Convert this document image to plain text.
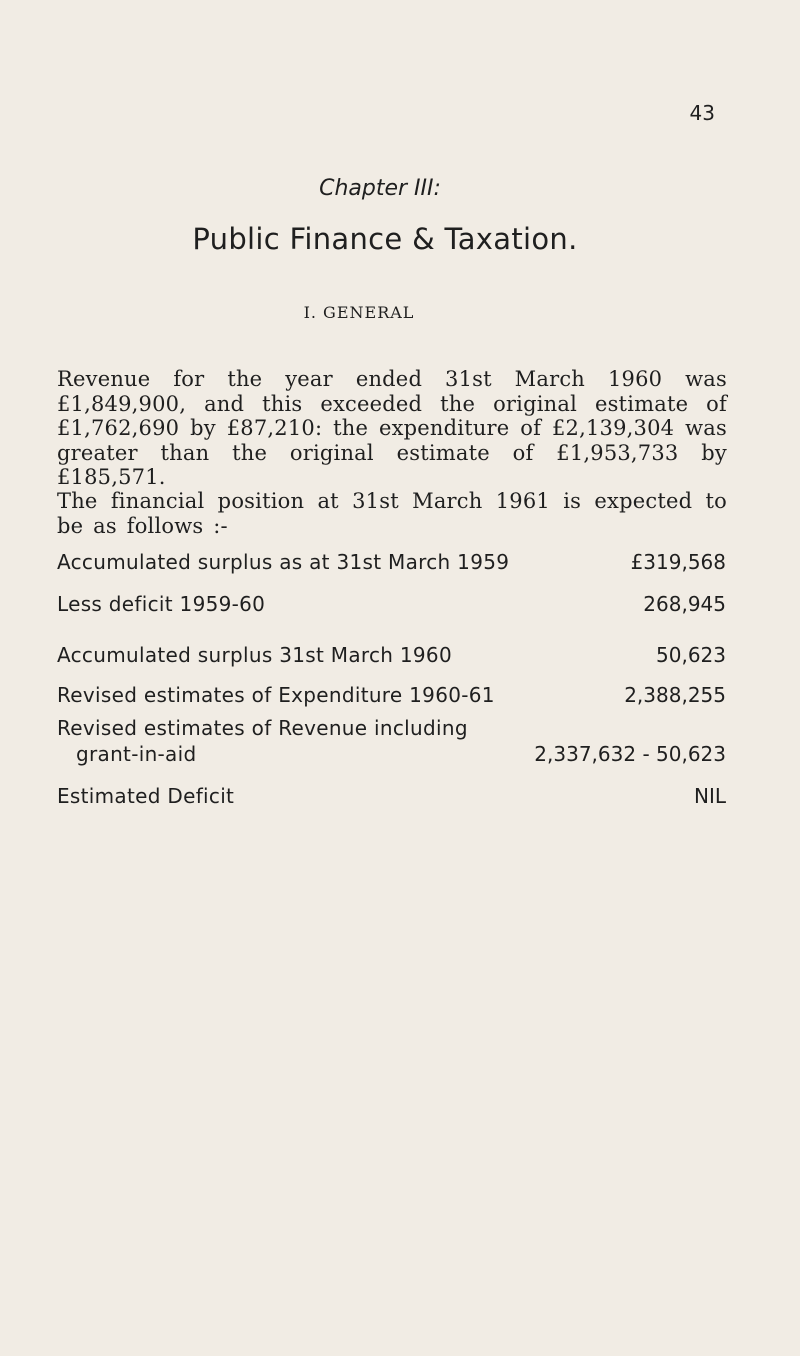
43
Chapter III:
Public Finance & Taxation.
I. GENERAL
Revenue for the year ended 31st March 1960 was £1,849,900, and this exceeded the original estimate of £1,762,690 by £87,210: the expenditure of £2,139,304 was greater than the original estimate of £1,953,733 by £185,571.
The financial position at 31st March 1961 is expected to be as follows :-
Accumulated surplus as at 31st March 1959	£319,568
Less deficit 1959-60	268,945
Accumulated surplus 31st March 1960	50,623
Revised estimates of Expenditure 1960-61	2,388,255
Revised estimates of Revenue including
grant-in-aid	2,337,632 - 50,623
Estimated Deficit	NIL
